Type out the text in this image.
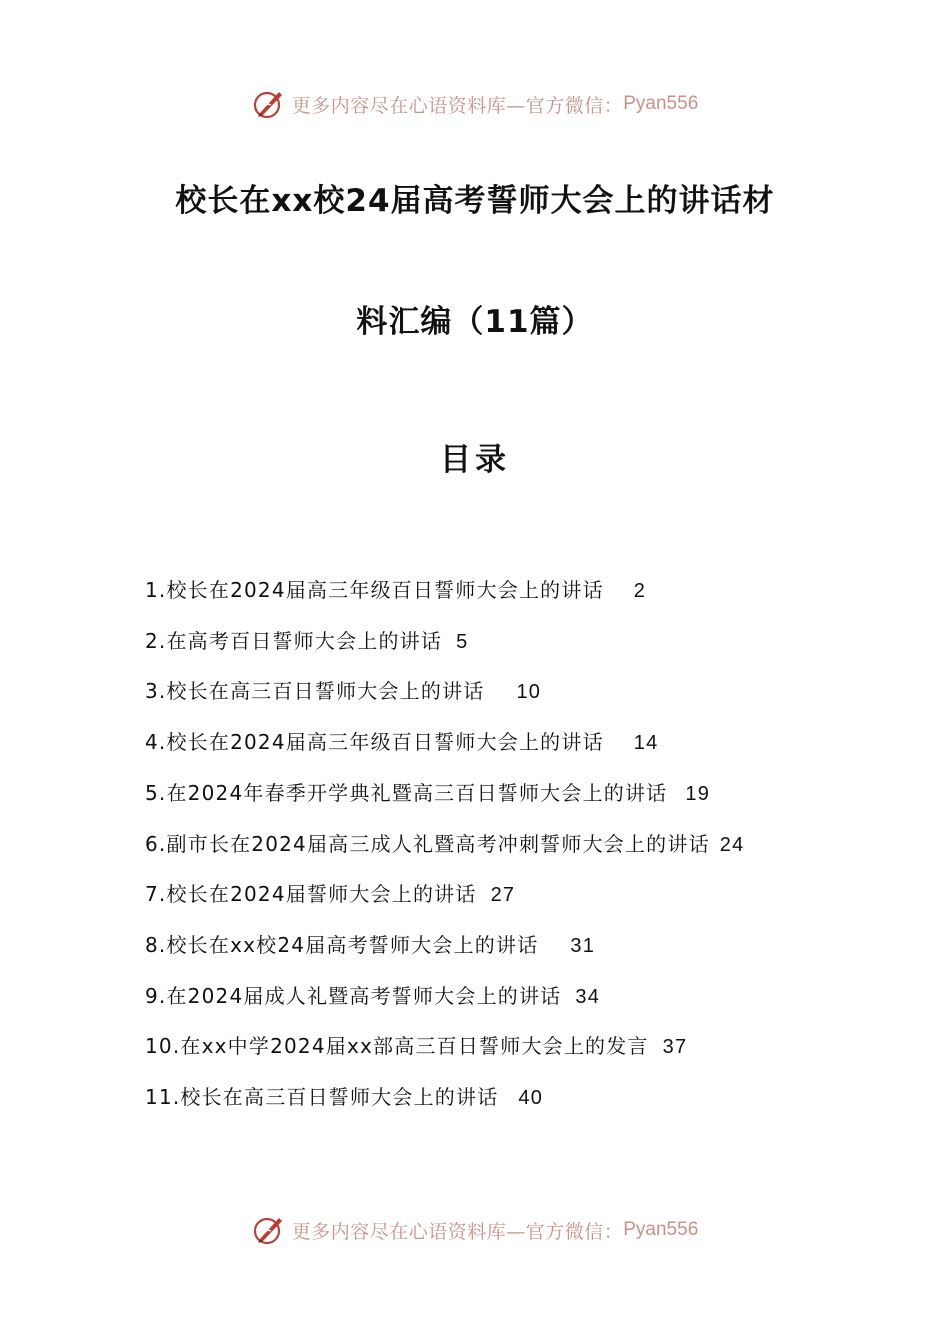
更多内容尽在心语资料库—官方微信： Pyan556
校长在xx校24届高考誓师大会上的讲话材
料汇编（11篇）
目录
1.校长在2024届高三年级百日誓师大会上的讲话 2
2.在高考百日誓师大会上的讲话 5
3.校长在高三百日誓师大会上的讲话 10
4.校长在2024届高三年级百日誓师大会上的讲话 14
5.在2024年春季开学典礼暨高三百日誓师大会上的讲话 19
6.副市长在2024届高三成人礼暨高考冲刺誓师大会上的讲话 24
7.校长在2024届誓师大会上的讲话 27
8.校长在xx校24届高考誓师大会上的讲话 31
9.在2024届成人礼暨高考誓师大会上的讲话 34
10.在xx中学2024届xx部高三百日誓师大会上的发言 37
11.校长在高三百日誓师大会上的讲话 40
更多内容尽在心语资料库—官方微信： Pyan556
